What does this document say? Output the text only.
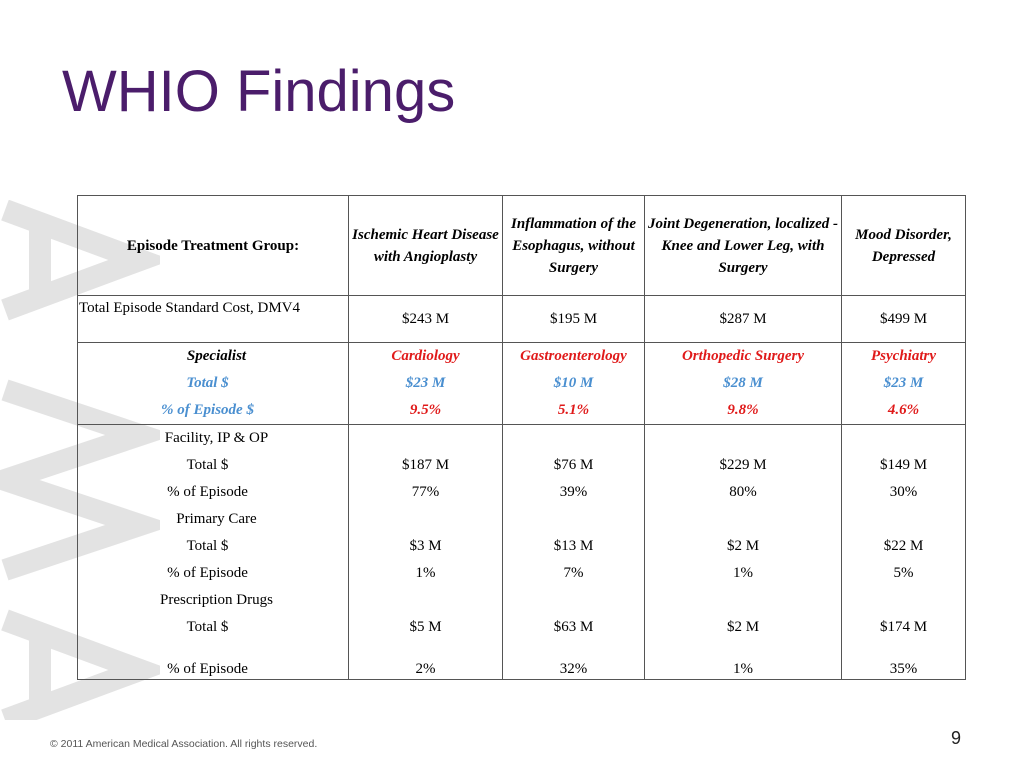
WHIO Findings
Episode Treatment Group:	Ischemic Heart Disease with Angioplasty	Inflammation of the Esophagus, without Surgery	Joint Degeneration, localized - Knee and Lower Leg, with Surgery	Mood Disorder, Depressed
Total Episode Standard Cost, DMV4	$243 M	$195 M	$287 M	$499 M
Specialist	Cardiology	Gastroenterology	Orthopedic Surgery	Psychiatry
Total $	$23 M	$10 M	$28 M	$23 M
% of Episode $	9.5%	5.1%	9.8%	4.6%
Facility, IP & OP				
Total $	$187 M	$76 M	$229 M	$149 M
% of Episode	77%	39%	80%	30%
Primary Care				
Total $	$3 M	$13 M	$2 M	$22 M
% of Episode	1%	7%	1%	5%
Prescription Drugs				
Total $	$5 M	$63 M	$2 M	$174 M

% of Episode	2%	32%	1%	35%
© 2011 American Medical Association. All rights reserved.	9
